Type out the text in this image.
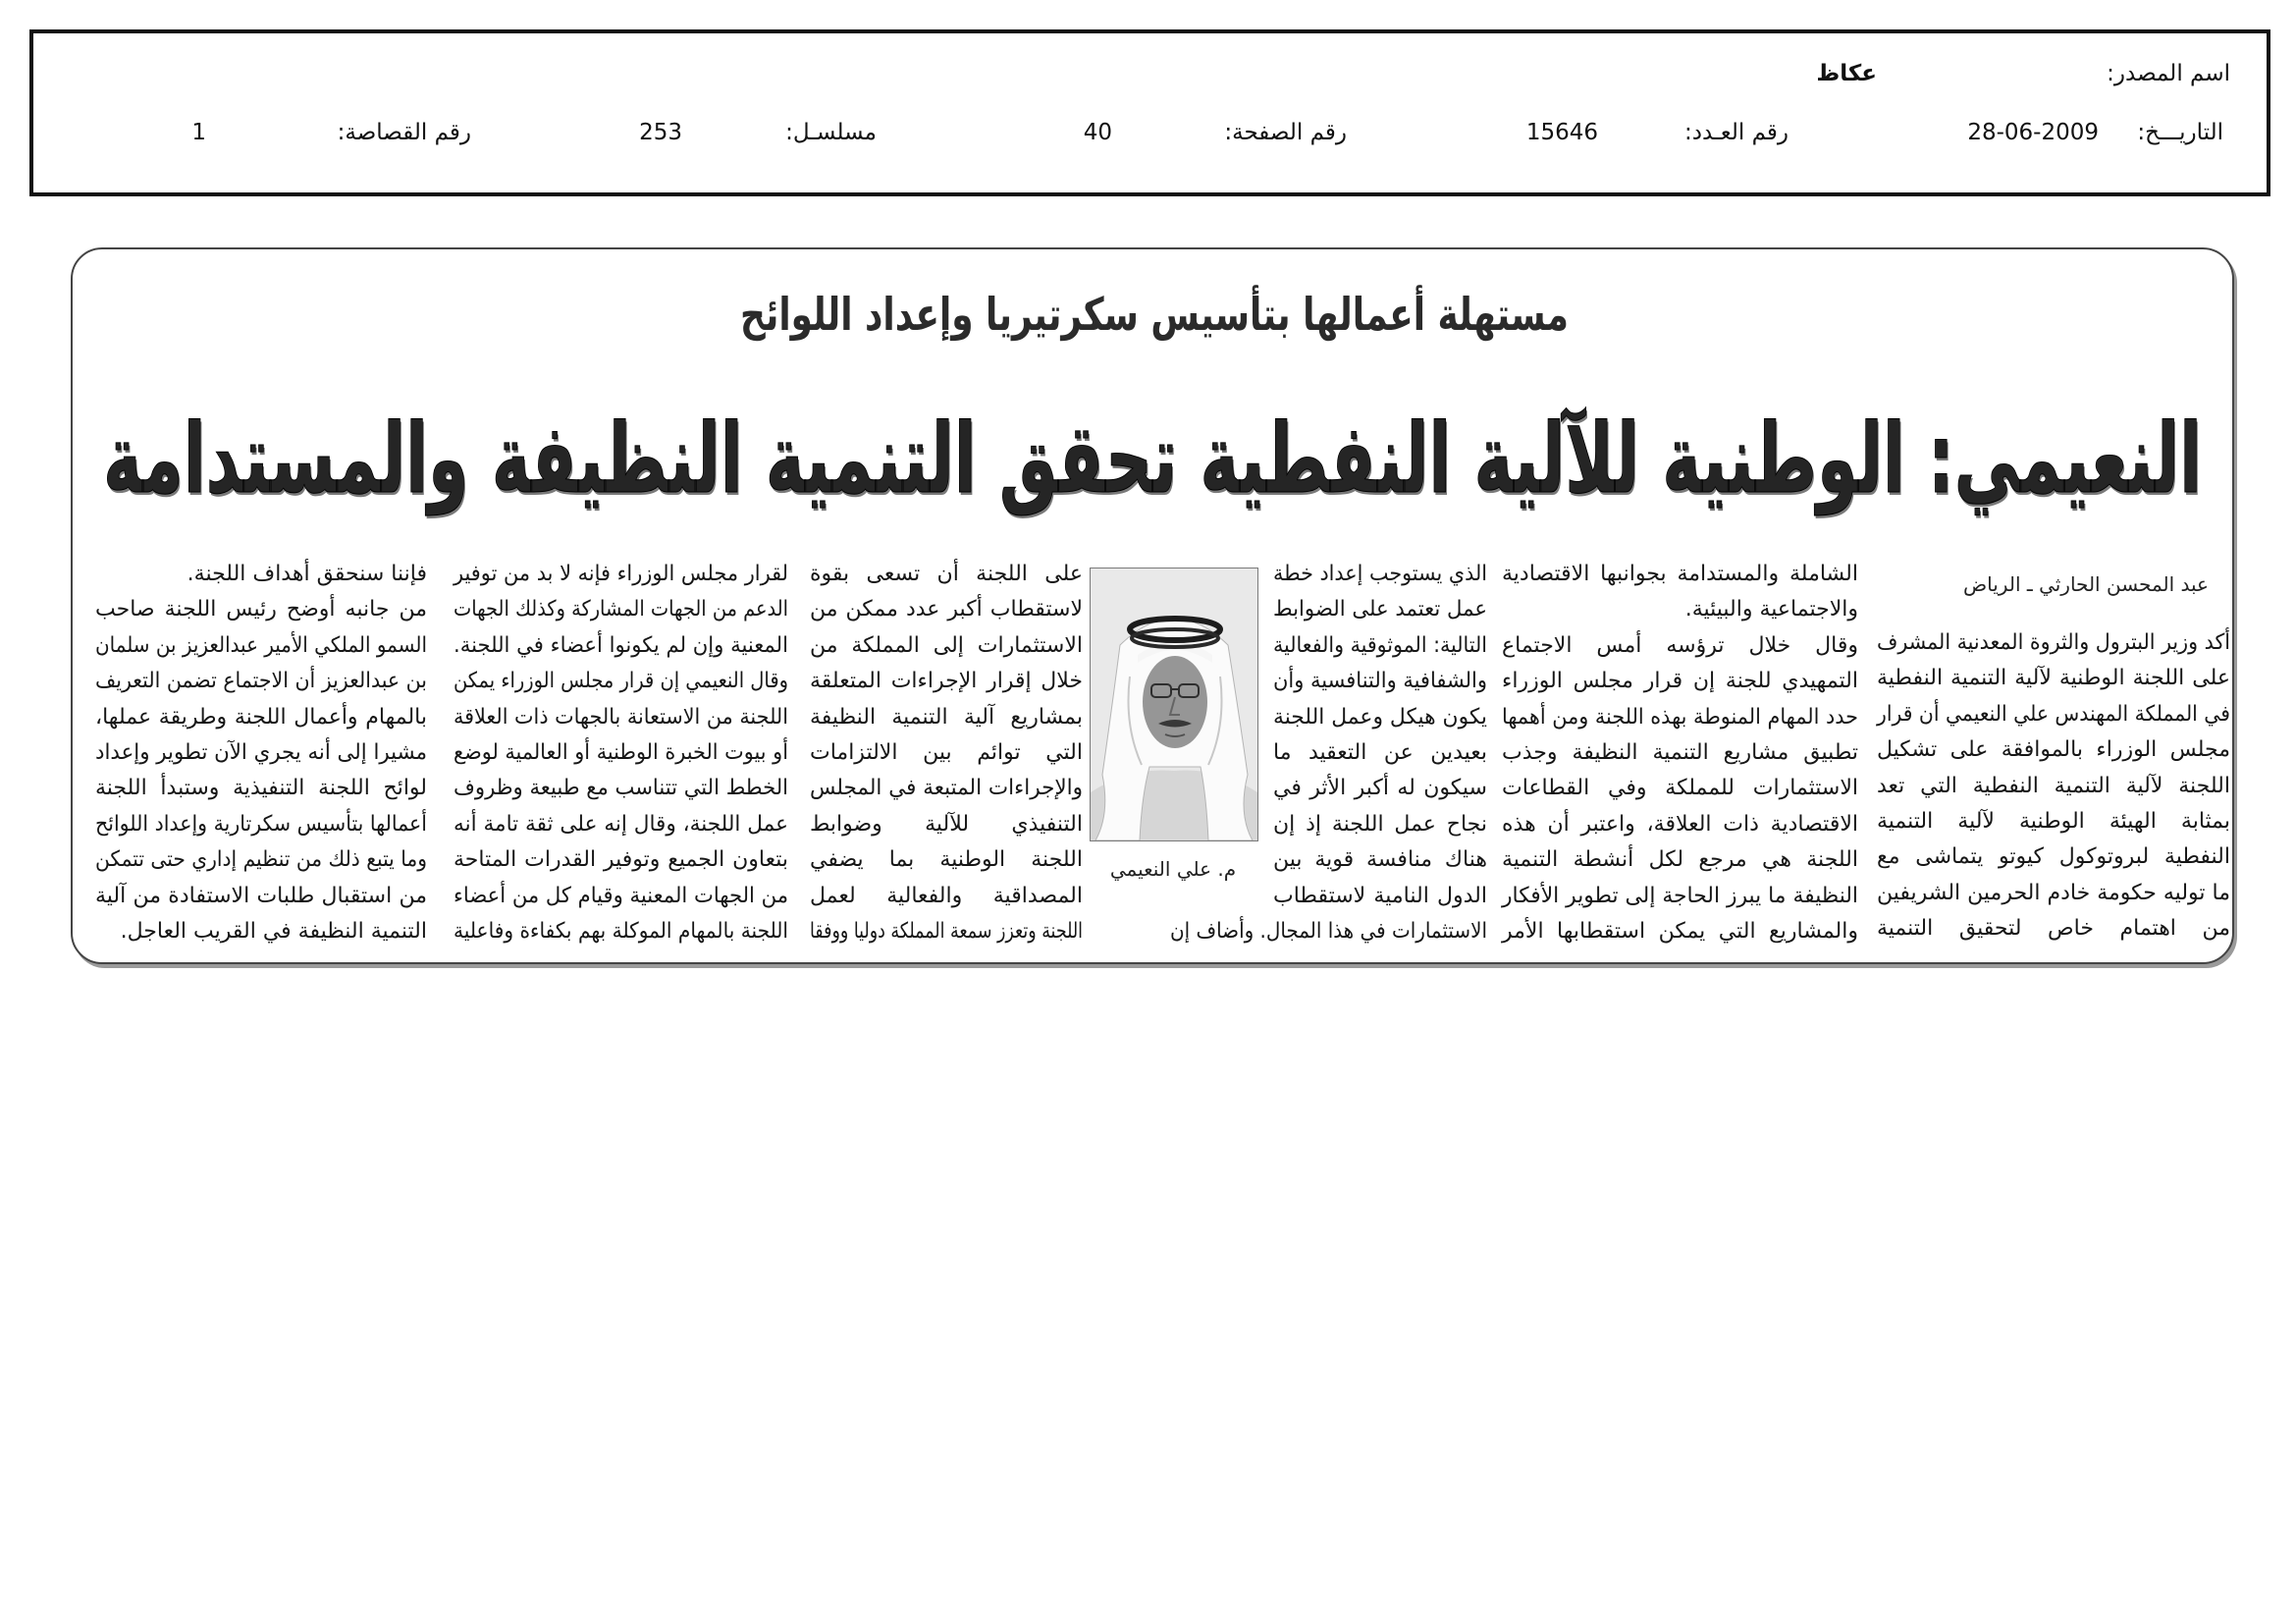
اسم المصدر:
عكاظ
التاريـــخ:
28-06-2009
رقم العـدد:
15646
رقم الصفحة:
40
مسلسـل:
253
رقم القصاصة:
1
مستهلة أعمالها بتأسيس سكرتيريا وإعداد اللوائح
النعيمي: الوطنية للآلية النفطية تحقق التنمية النظيفة والمستدامة
عبد المحسن الحارثي ـ الرياض
أكد وزير البترول والثروة المعدنية المشرف
على اللجنة الوطنية لآلية التنمية النفطية
في المملكة المهندس علي النعيمي أن قرار
مجلس الوزراء بالموافقة على تشكيل
اللجنة لآلية التنمية النفطية التي تعد
بمثابة الهيئة الوطنية لآلية التنمية
النفطية لبروتوكول كيوتو يتماشى مع
ما توليه حكومة خادم الحرمين الشريفين
من اهتمام خاص لتحقيق التنمية
الشاملة والمستدامة بجوانبها الاقتصادية
والاجتماعية والبيئية.
وقال خلال ترؤسه أمس الاجتماع
التمهيدي للجنة إن قرار مجلس الوزراء
حدد المهام المنوطة بهذه اللجنة ومن أهمها
تطبيق مشاريع التنمية النظيفة وجذب
الاستثمارات للمملكة وفي القطاعات
الاقتصادية ذات العلاقة، واعتبر أن هذه
اللجنة هي مرجع لكل أنشطة التنمية
النظيفة ما يبرز الحاجة إلى تطوير الأفكار
والمشاريع التي يمكن استقطابها الأمر
الذي يستوجب إعداد خطة
عمل تعتمد على الضوابط
التالية: الموثوقية والفعالية
والشفافية والتنافسية وأن
يكون هيكل وعمل اللجنة
بعيدين عن التعقيد ما
سيكون له أكبر الأثر في
نجاح عمل اللجنة إذ إن
هناك منافسة قوية بين
الدول النامية لاستقطاب
الاستثمارات في هذا المجال. وأضاف إن
م. علي النعيمي
على اللجنة أن تسعى بقوة
لاستقطاب أكبر عدد ممكن من
الاستثمارات إلى المملكة من
خلال إقرار الإجراءات المتعلقة
بمشاريع آلية التنمية النظيفة
التي توائم بين الالتزامات
والإجراءات المتبعة في المجلس
التنفيذي للآلية وضوابط
اللجنة الوطنية بما يضفي
المصداقية والفعالية لعمل
اللجنة وتعزز سمعة المملكة دوليا ووفقا
لقرار مجلس الوزراء فإنه لا بد من توفير
الدعم من الجهات المشاركة وكذلك الجهات
المعنية وإن لم يكونوا أعضاء في اللجنة.
وقال النعيمي إن قرار مجلس الوزراء يمكن
اللجنة من الاستعانة بالجهات ذات العلاقة
أو بيوت الخبرة الوطنية أو العالمية لوضع
الخطط التي تتناسب مع طبيعة وظروف
عمل اللجنة، وقال إنه على ثقة تامة أنه
بتعاون الجميع وتوفير القدرات المتاحة
من الجهات المعنية وقيام كل من أعضاء
اللجنة بالمهام الموكلة بهم بكفاءة وفاعلية
فإننا سنحقق أهداف اللجنة.
من جانبه أوضح رئيس اللجنة صاحب
السمو الملكي الأمير عبدالعزيز بن سلمان
بن عبدالعزيز أن الاجتماع تضمن التعريف
بالمهام وأعمال اللجنة وطريقة عملها،
مشيرا إلى أنه يجري الآن تطوير وإعداد
لوائح اللجنة التنفيذية وستبدأ اللجنة
أعمالها بتأسيس سكرتارية وإعداد اللوائح
وما يتبع ذلك من تنظيم إداري حتى تتمكن
من استقبال طلبات الاستفادة من آلية
التنمية النظيفة في القريب العاجل.
